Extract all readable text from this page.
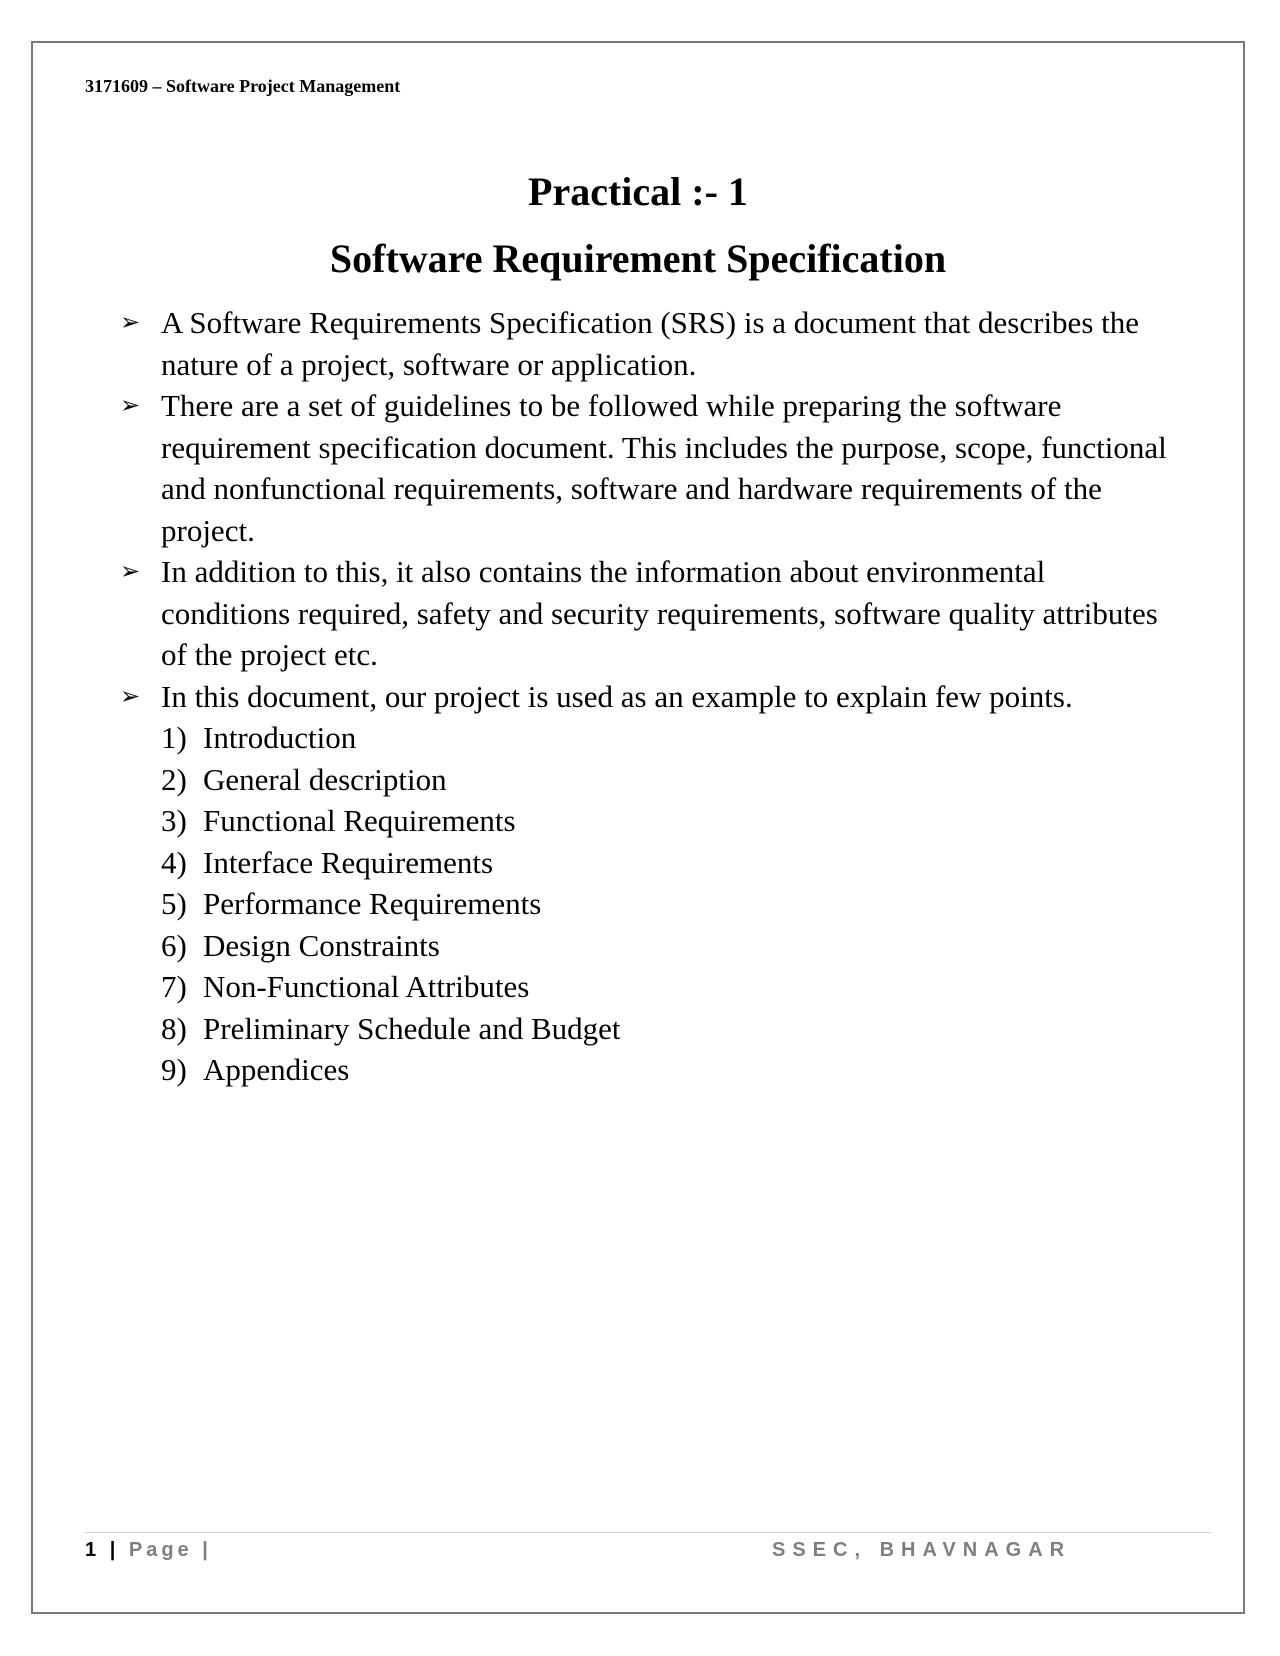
3171609 – Software Project Management
Practical :- 1
Software Requirement Specification
➢ A Software Requirements Specification (SRS) is a document that describes the nature of a project, software or application.
➢ There are a set of guidelines to be followed while preparing the software requirement specification document. This includes the purpose, scope, functional and nonfunctional requirements, software and hardware requirements of the project.
➢ In addition to this, it also contains the information about environmental conditions required, safety and security requirements, software quality attributes of the project etc.
➢ In this document, our project is used as an example to explain few points.
1) Introduction
2) General description
3) Functional Requirements
4) Interface Requirements
5) Performance Requirements
6) Design Constraints
7) Non-Functional Attributes
8) Preliminary Schedule and Budget
9) Appendices
1 | Page |	SSEC, BHAVNAGAR
